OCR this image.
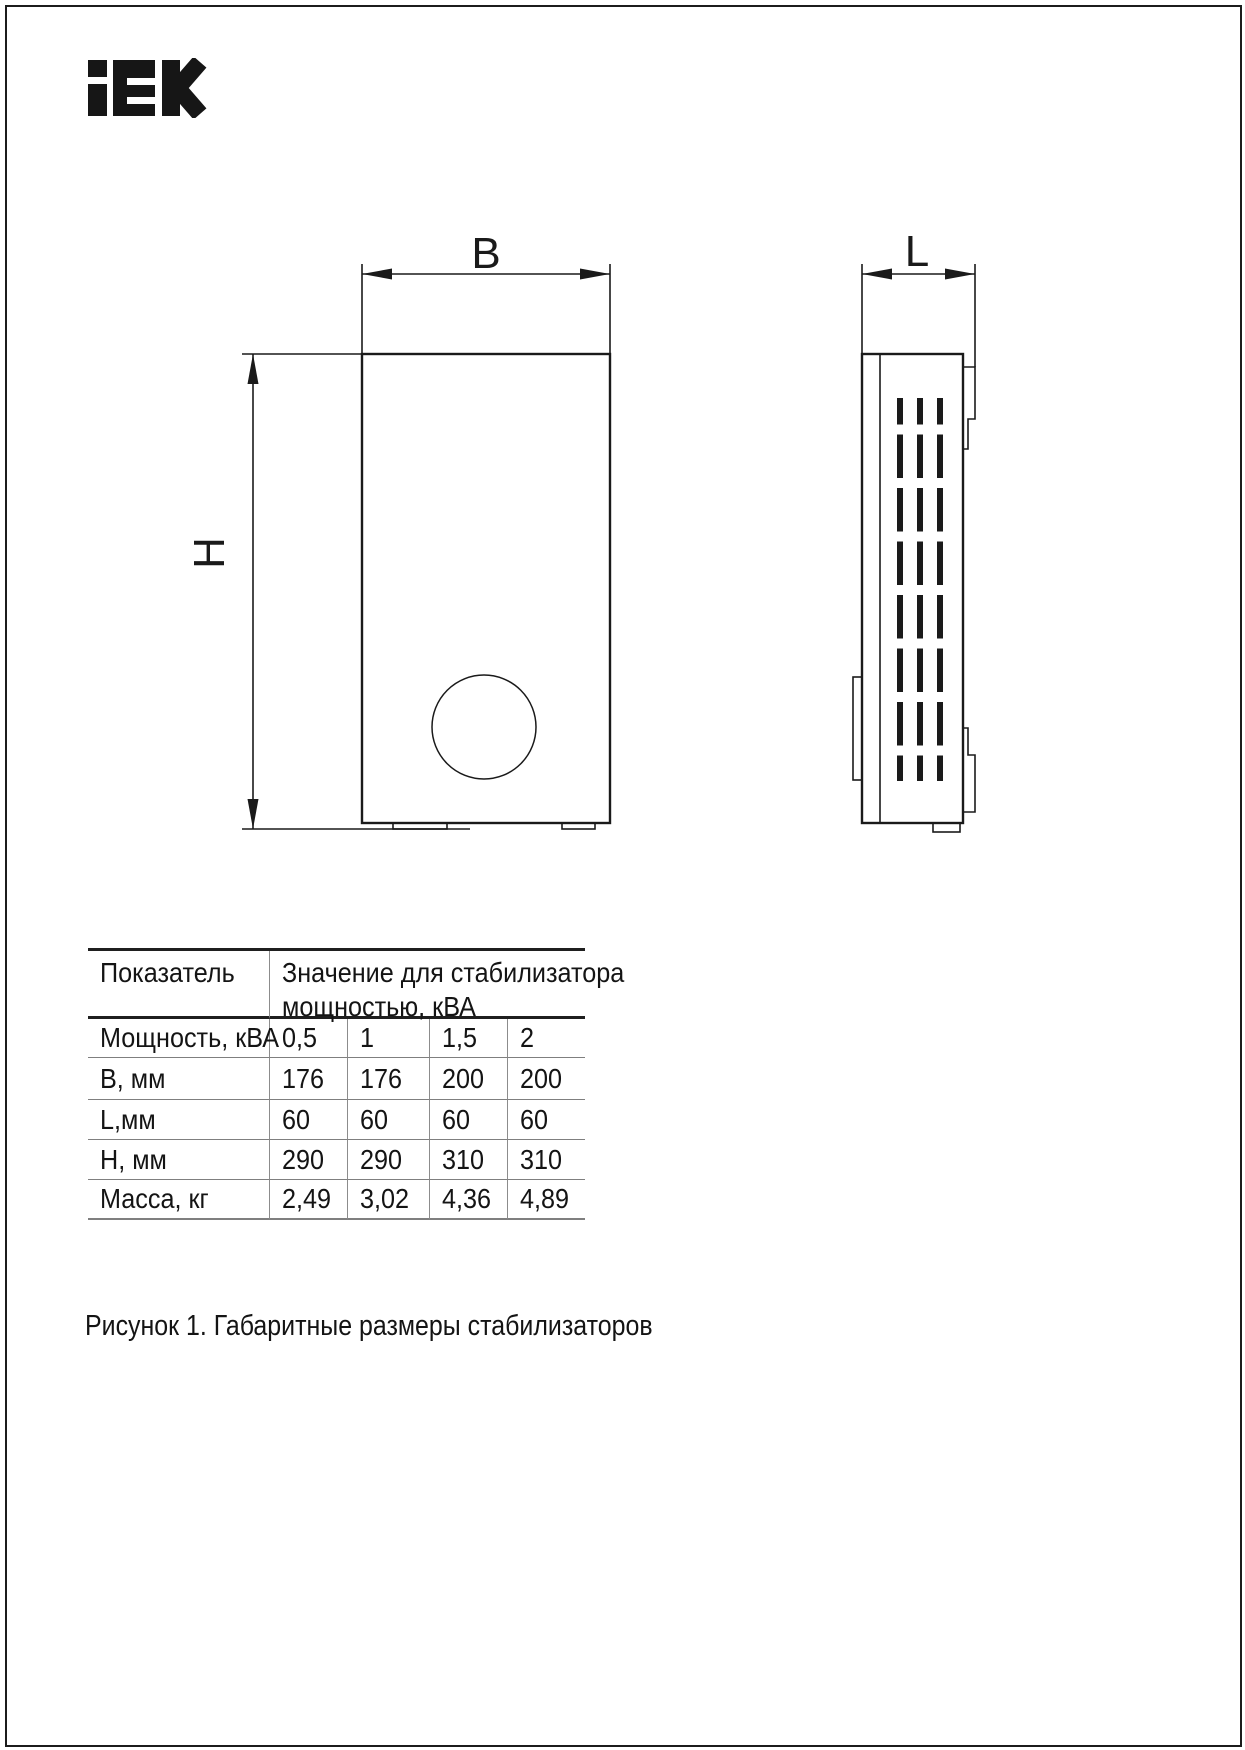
B
H
L
Показатель Значение для стабилизатора
мощностью, кВА
Мощность, кВА 0,5 1 1,5 2
B, мм	176 176 200 200
L,мм	60 60 60 60
H, мм	290 290 310 310
Масса, кг	2,49 3,02 4,36 4,89
Рисунок 1. Габаритные размеры стабилизаторов
